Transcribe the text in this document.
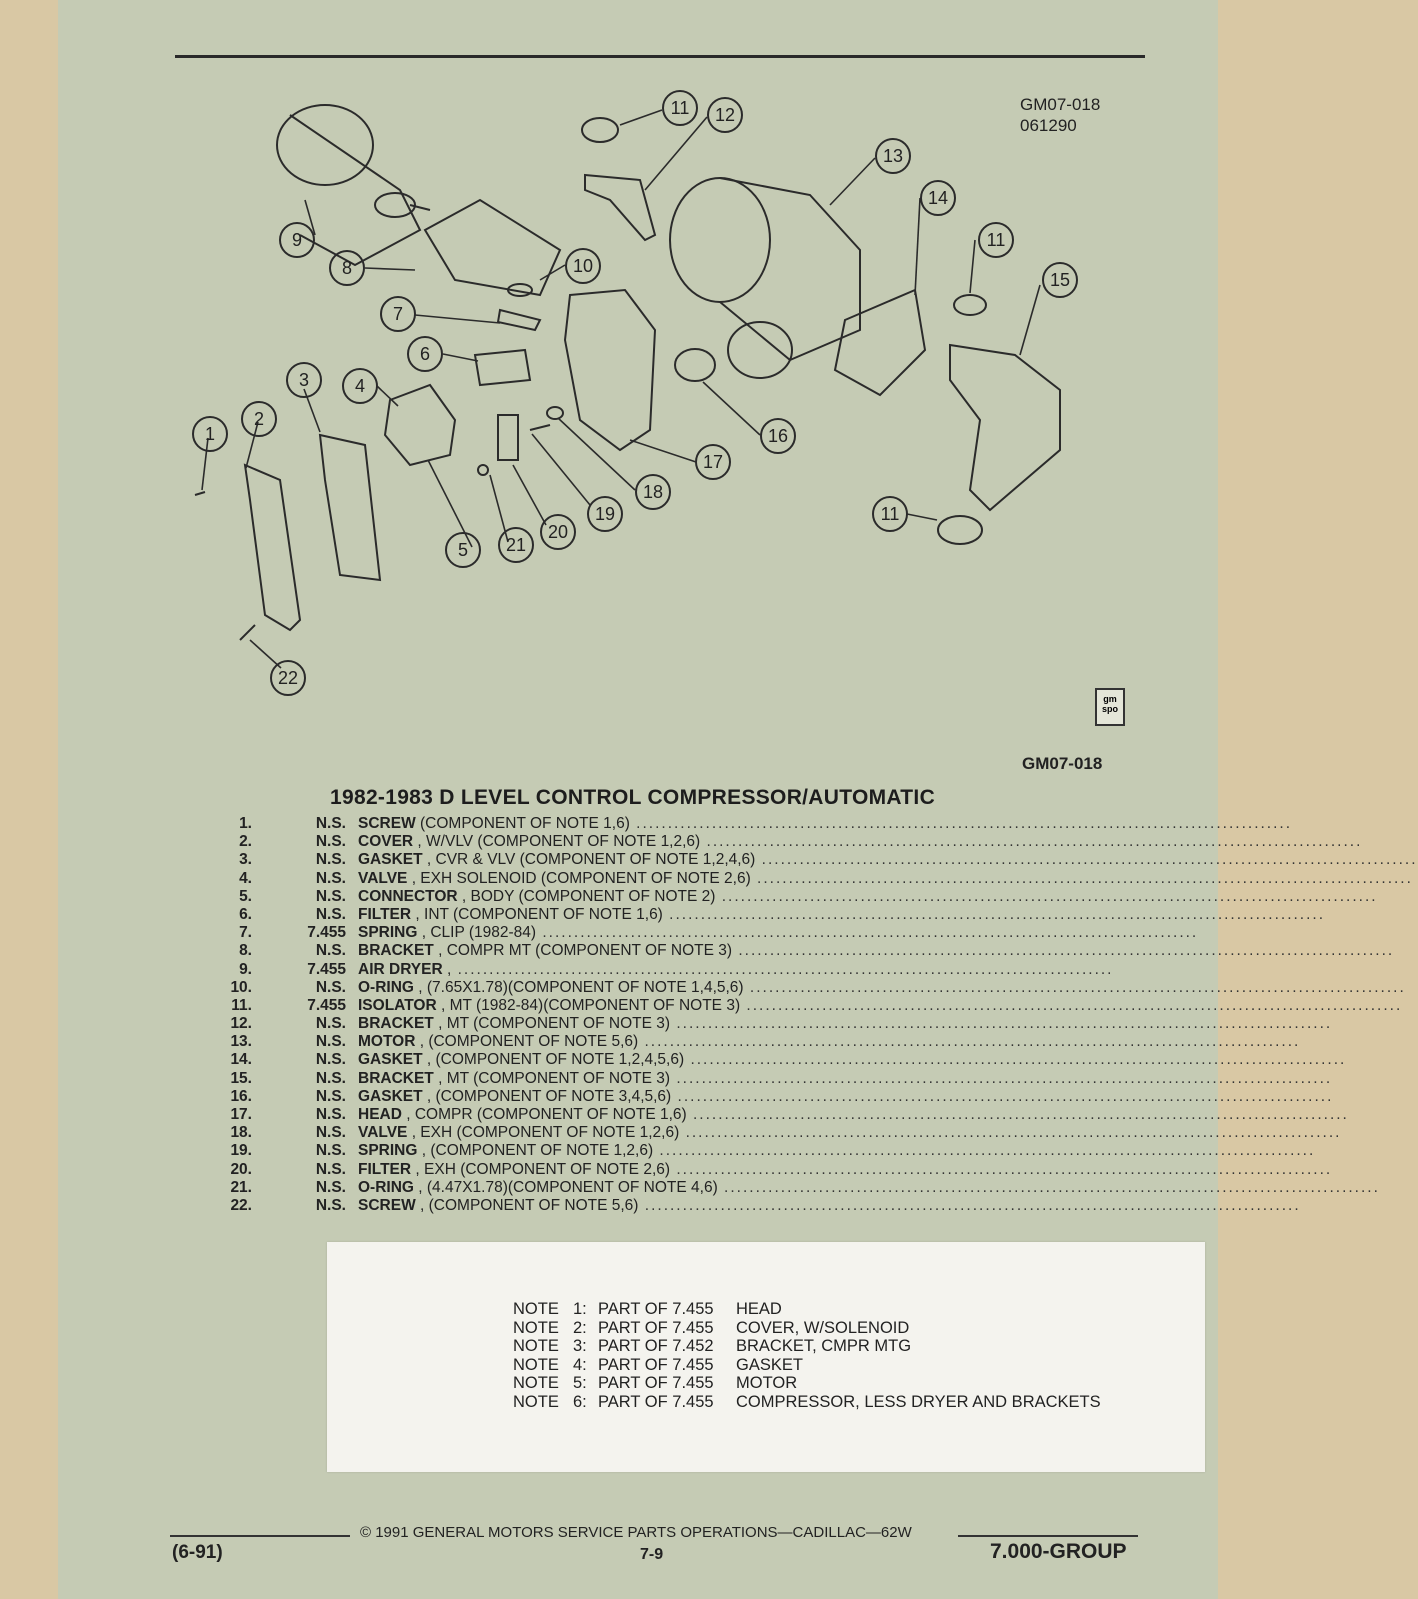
GM07-018
061290
1
2
3	4
5
6
7
8
9
10
11 12
13
14
11
15
16
17
18
19
20
21
11
22
gm
spo
GM07-018
1982-1983 D LEVEL CONTROL COMPRESSOR/AUTOMATIC
1.	N.S. SCREW (COMPONENT OF NOTE 1,6) ........................................................................................................
2.	N.S. COVER , W/VLV (COMPONENT OF NOTE 1,2,6) ........................................................................................................
3.	N.S. GASKET , CVR & VLV (COMPONENT OF NOTE 1,2,4,6) ........................................................................................................
4.	N.S. VALVE , EXH SOLENOID (COMPONENT OF NOTE 2,6) ........................................................................................................
5.	N.S. CONNECTOR , BODY (COMPONENT OF NOTE 2) ........................................................................................................
6.	N.S. FILTER , INT (COMPONENT OF NOTE 1,6) ........................................................................................................
7.	7.455 SPRING , CLIP (1982-84) ........................................................................................................
8.	N.S. BRACKET , COMPR MT (COMPONENT OF NOTE 3) ........................................................................................................
9.	7.455 AIR DRYER , ........................................................................................................
10.	N.S. O-RING , (7.65X1.78)(COMPONENT OF NOTE 1,4,5,6) ........................................................................................................
11.	7.455 ISOLATOR , MT (1982-84)(COMPONENT OF NOTE 3) ........................................................................................................
12.	N.S. BRACKET , MT (COMPONENT OF NOTE 3) ........................................................................................................
13.	N.S. MOTOR , (COMPONENT OF NOTE 5,6) ........................................................................................................
14.	N.S. GASKET , (COMPONENT OF NOTE 1,2,4,5,6) ........................................................................................................
15.	N.S. BRACKET , MT (COMPONENT OF NOTE 3) ........................................................................................................
16.	N.S. GASKET , (COMPONENT OF NOTE 3,4,5,6) ........................................................................................................
17.	N.S. HEAD , COMPR (COMPONENT OF NOTE 1,6) ........................................................................................................
18.	N.S. VALVE , EXH (COMPONENT OF NOTE 1,2,6) ........................................................................................................
19.	N.S. SPRING , (COMPONENT OF NOTE 1,2,6) ........................................................................................................
20.	N.S. FILTER , EXH (COMPONENT OF NOTE 2,6) ........................................................................................................
21.	N.S. O-RING , (4.47X1.78)(COMPONENT OF NOTE 4,6) ........................................................................................................
22.	N.S. SCREW , (COMPONENT OF NOTE 5,6) ........................................................................................................
NOTE 1: PART OF 7.455 HEAD
NOTE 2: PART OF 7.455 COVER, W/SOLENOID
NOTE 3: PART OF 7.452 BRACKET, CMPR MTG
NOTE 4: PART OF 7.455 GASKET
NOTE 5: PART OF 7.455 MOTOR
NOTE 6: PART OF 7.455 COMPRESSOR, LESS DRYER AND BRACKETS
© 1991 GENERAL MOTORS SERVICE PARTS OPERATIONS—CADILLAC—62W
(6-91)	7-9	7.000-GROUP
